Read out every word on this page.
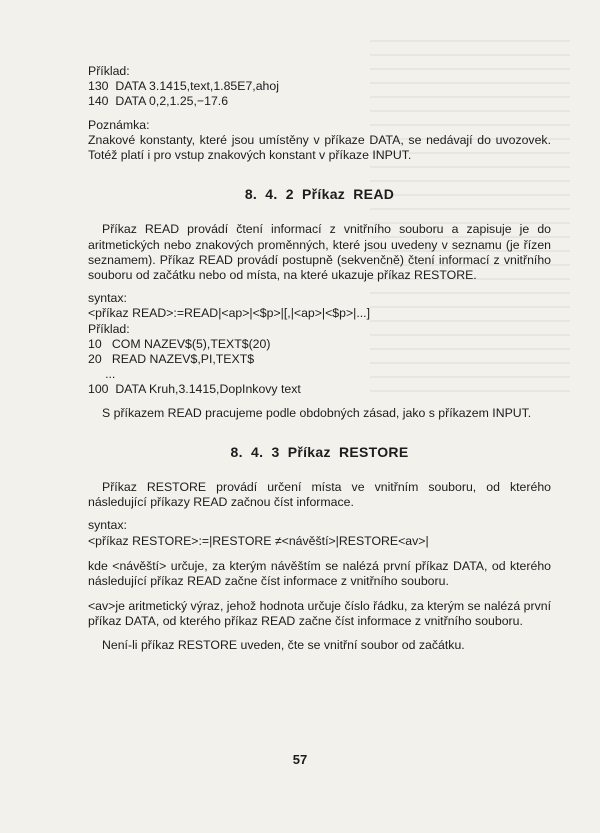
Příklad:
130  DATA 3.1415,text,1.85E7,ahoj
140  DATA 0,2,1.25,−17.6
Poznámka:

Znakové konstanty, které jsou umístěny v příkaze DATA, se nedávají do uvozovek. Totéž platí i pro vstup znakových konstant v příkaze INPUT.

8. 4. 2 Příkaz READ

Příkaz READ provádí čtení informací z vnitřního souboru a zapisuje je do aritmetických nebo znakových proměnných, které jsou uvedeny v seznamu (je řízen seznamem). Příkaz READ provádí postupně (sekvenčně) čtení informací z vnitřního souboru od začátku nebo od místa, na které ukazuje příkaz RESTORE.

syntax:
<příkaz READ>:=READ|<ap>|<$p>|[,|<ap>|<$p>|...]
Příklad:
10   COM NAZEV$(5),TEXT$(20)
20   READ NAZEV$,PI,TEXT$
...
100  DATA Kruh,3.1415,DopInkovy text

S příkazem READ pracujeme podle obdobných zásad, jako s příkazem INPUT.

8. 4. 3 Příkaz RESTORE

Příkaz RESTORE provádí určení místa ve vnitřním souboru, od kterého následující příkazy READ začnou číst informace.

syntax:
<příkaz RESTORE>:=|RESTORE ≠<návěští>|RESTORE<av>|

kde <návěští> určuje, za kterým návěštím se nalézá první příkaz DATA, od kterého následující příkaz READ začne číst informace z vnitřního souboru.

<av>je aritmetický výraz, jehož hodnota určuje číslo řádku, za kterým se nalézá první příkaz DATA, od kterého příkaz READ začne číst informace z vnitřního souboru.

Není-li příkaz RESTORE uveden, čte se vnitřní soubor od začátku.

57
